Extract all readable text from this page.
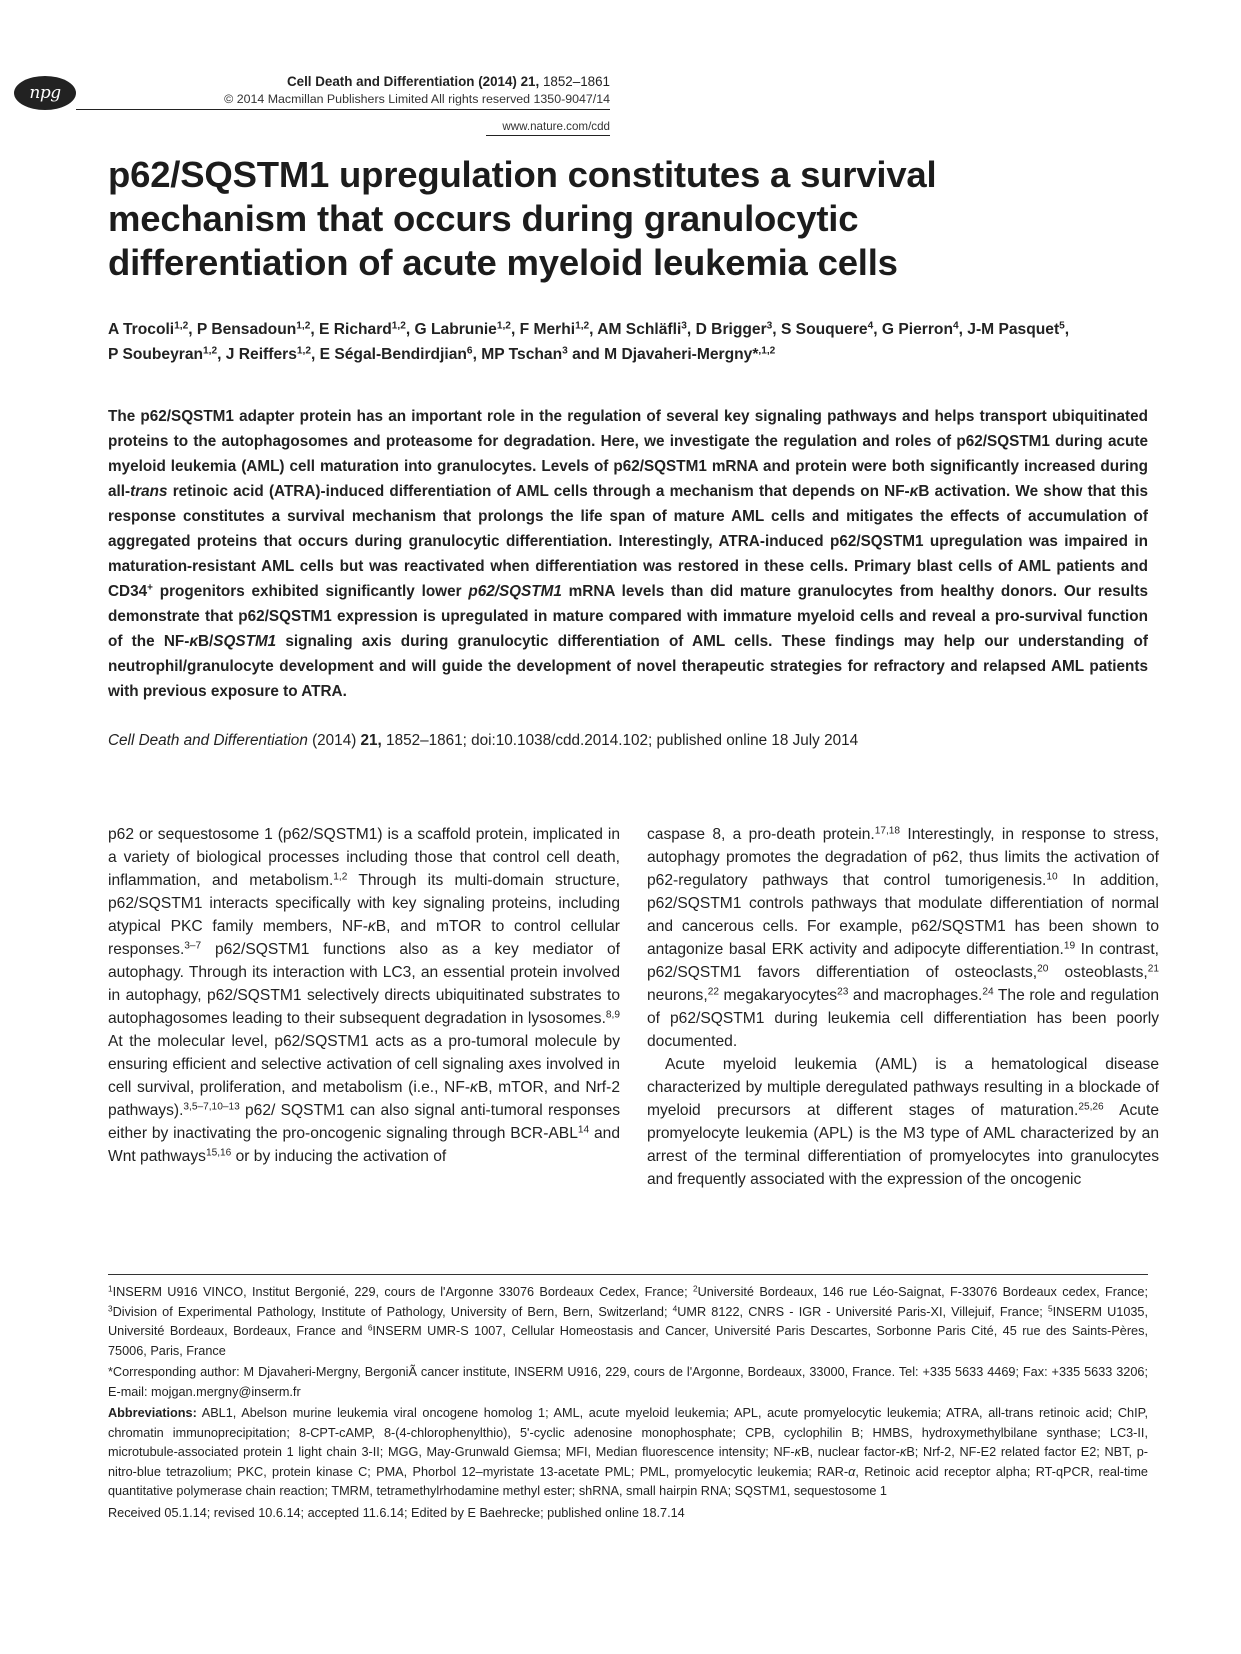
npg
Cell Death and Differentiation (2014) 21, 1852–1861
© 2014 Macmillan Publishers Limited All rights reserved 1350-9047/14
www.nature.com/cdd
p62/SQSTM1 upregulation constitutes a survival
mechanism that occurs during granulocytic
differentiation of acute myeloid leukemia cells
A Trocoli$^{1,2}$, P Bensadoun$^{1,2}$, E Richard$^{1,2}$, G Labrunie$^{1,2}$, F Merhi$^{1,2}$, AM Schläfli$^3$, D Brigger$^3$, S Souquere$^4$, G Pierron$^4$, J-M Pasquet$^5$,
P Soubeyran$^{1,2}$, J Reiffers$^{1,2}$, E Ségal-Bendirdjian$^6$, MP Tschan$^3$ and M Djavaheri-Mergny*$^{,1,2}$
The p62/SQSTM1 adapter protein has an important role in the regulation of several key signaling pathways and helps transport ubiquitinated proteins to the autophagosomes and proteasome for degradation. Here, we investigate the regulation and roles of p62/SQSTM1 during acute myeloid leukemia (AML) cell maturation into granulocytes. Levels of p62/SQSTM1 mRNA and protein were both significantly increased during all-trans retinoic acid (ATRA)-induced differentiation of AML cells through a mechanism that depends on NF-κB activation. We show that this response constitutes a survival mechanism that prolongs the life span of mature AML cells and mitigates the effects of accumulation of aggregated proteins that occurs during granulocytic differentiation. Interestingly, ATRA-induced p62/SQSTM1 upregulation was impaired in maturation-resistant AML cells but was reactivated when differentiation was restored in these cells. Primary blast cells of AML patients and CD34+ progenitors exhibited significantly lower p62/SQSTM1 mRNA levels than did mature granulocytes from healthy donors. Our results demonstrate that p62/SQSTM1 expression is upregulated in mature compared with immature myeloid cells and reveal a pro-survival function of the NF-κB/SQSTM1 signaling axis during granulocytic differentiation of AML cells. These findings may help our understanding of neutrophil/granulocyte development and will guide the development of novel therapeutic strategies for refractory and relapsed AML patients with previous exposure to ATRA.
Cell Death and Differentiation (2014) 21, 1852–1861; doi:10.1038/cdd.2014.102; published online 18 July 2014

p62 or sequestosome 1 (p62/SQSTM1) is a scaffold protein, implicated in a variety of biological processes including those that control cell death, inflammation, and metabolism.$^{1,2}$ Through its multi-domain structure, p62/SQSTM1 interacts specifically with key signaling proteins, including atypical PKC family members, NF-κB, and mTOR to control cellular responses.$^{3-7}$ p62/SQSTM1 functions also as a key mediator of autophagy. Through its interaction with LC3, an essential protein involved in autophagy, p62/SQSTM1 selectively directs ubiquitinated substrates to autophagosomes leading to their subsequent degradation in lysosomes.$^{8,9}$ At the molecular level, p62/SQSTM1 acts as a pro-tumoral molecule by ensuring efficient and selective activation of cell signaling axes involved in cell survival, proliferation, and metabolism (i.e., NF-κB, mTOR, and Nrf-2 pathways).$^{3,5-7,10-13}$ p62/ SQSTM1 can also signal anti-tumoral responses either by inactivating the pro-oncogenic signaling through BCR-ABL$^{14}$ and Wnt pathways$^{15,16}$ or by inducing the activation of

caspase 8, a pro-death protein.$^{17,18}$ Interestingly, in response to stress, autophagy promotes the degradation of p62, thus limits the activation of p62-regulatory pathways that control tumorigenesis.$^{10}$ In addition, p62/SQSTM1 controls pathways that modulate differentiation of normal and cancerous cells. For example, p62/SQSTM1 has been shown to antagonize basal ERK activity and adipocyte differentiation.$^{19}$ In contrast, p62/SQSTM1 favors differentiation of osteoclasts,$^{20}$ osteoblasts,$^{21}$ neurons,$^{22}$ megakaryocytes$^{23}$ and macrophages.$^{24}$ The role and regulation of p62/SQSTM1 during leukemia cell differentiation has been poorly documented.

Acute myeloid leukemia (AML) is a hematological disease characterized by multiple deregulated pathways resulting in a blockade of myeloid precursors at different stages of maturation.$^{25,26}$ Acute promyelocyte leukemia (APL) is the M3 type of AML characterized by an arrest of the terminal differentiation of promyelocytes into granulocytes and frequently associated with the expression of the oncogenic

$^1$INSERM U916 VINCO, Institut Bergonié, 229, cours de l'Argonne 33076 Bordeaux Cedex, France; $^2$Université Bordeaux, 146 rue Léo-Saignat, F-33076 Bordeaux cedex, France; $^3$Division of Experimental Pathology, Institute of Pathology, University of Bern, Bern, Switzerland; $^4$UMR 8122, CNRS - IGR - Université Paris-XI, Villejuif, France; $^5$INSERM U1035, Université Bordeaux, Bordeaux, France and $^6$INSERM UMR-S 1007, Cellular Homeostasis and Cancer, Université Paris Descartes, Sorbonne Paris Cité, 45 rue des Saints-Pères, 75006, Paris, France

*Corresponding author: M Djavaheri-Mergny, BergoniÃ cancer institute, INSERM U916, 229, cours de l'Argonne, Bordeaux, 33000, France. Tel: +335 5633 4469; Fax: +335 5633 3206; E-mail: mojgan.mergny@inserm.fr

Abbreviations: ABL1, Abelson murine leukemia viral oncogene homolog 1; AML, acute myeloid leukemia; APL, acute promyelocytic leukemia; ATRA, all-trans retinoic acid; ChIP, chromatin immunoprecipitation; 8-CPT-cAMP, 8-(4-chlorophenylthio), 5'-cyclic adenosine monophosphate; CPB, cyclophilin B; HMBS, hydroxymethylbilane synthase; LC3-II, microtubule-associated protein 1 light chain 3-II; MGG, May-Grunwald Giemsa; MFI, Median fluorescence intensity; NF-κB, nuclear factor-κB; Nrf-2, NF-E2 related factor E2; NBT, p-nitro-blue tetrazolium; PKC, protein kinase C; PMA, Phorbol 12–myristate 13-acetate PML; PML, promyelocytic leukemia; RAR-α, Retinoic acid receptor alpha; RT-qPCR, real-time quantitative polymerase chain reaction; TMRM, tetramethylrhodamine methyl ester; shRNA, small hairpin RNA; SQSTM1, sequestosome 1

Received 05.1.14; revised 10.6.14; accepted 11.6.14; Edited by E Baehrecke; published online 18.7.14
